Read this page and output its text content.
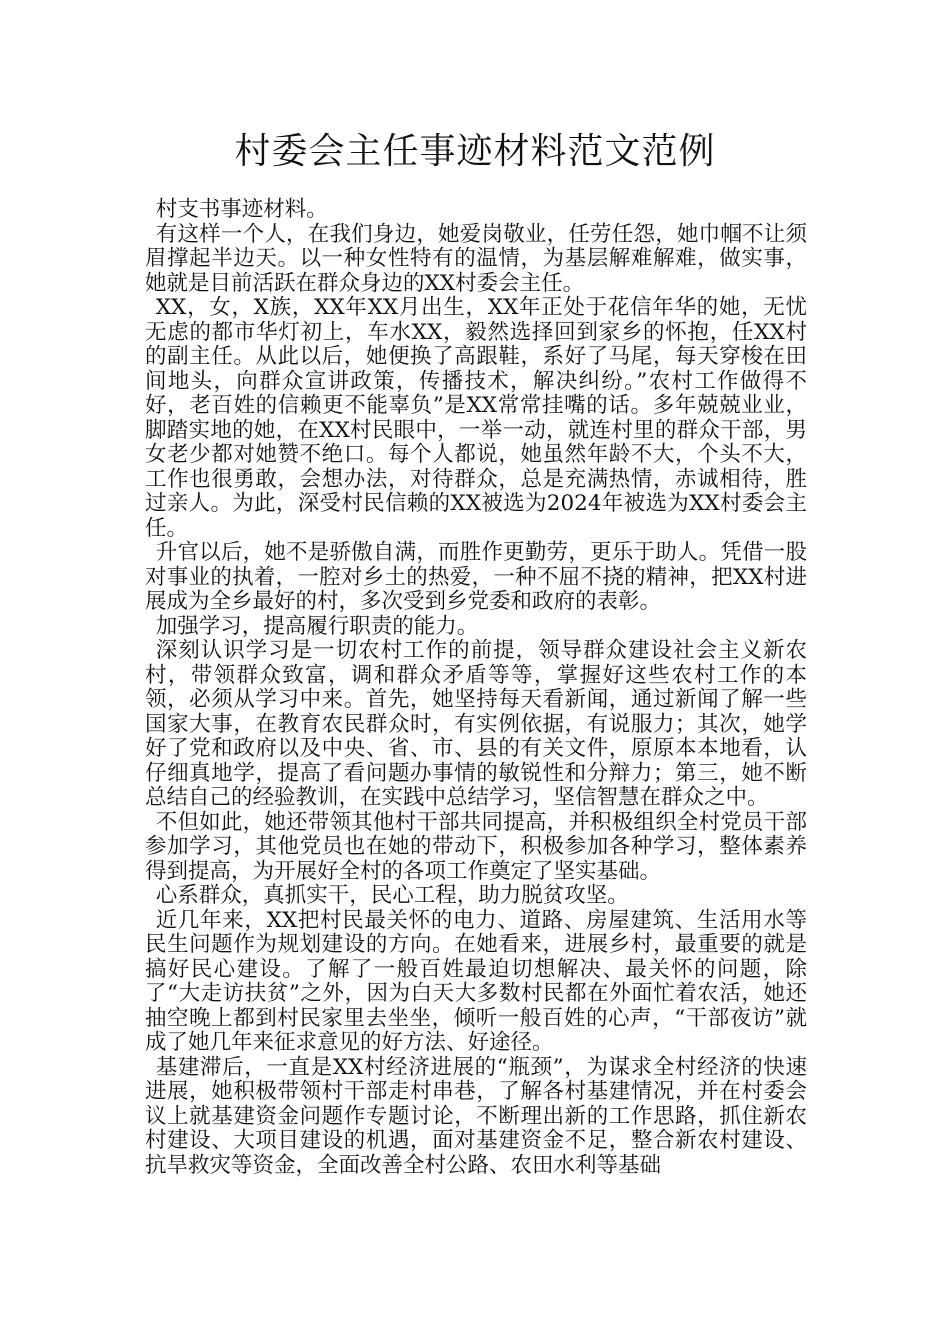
村委会主任事迹材料范文范例

村支书事迹材料。

有这样一个人，在我们身边，她爱岗敬业，任劳任怨，她巾帼不让须眉撑起半边天。以一种女性特有的温情，为基层解难解难，做实事，她就是目前活跃在群众身边的XX村委会主任。

XX，女，X族，XX年XX月出生，XX年正处于花信年华的她，无忧无虑的都市华灯初上，车水XX，毅然选择回到家乡的怀抱，任XX村的副主任。从此以后，她便换了高跟鞋，系好了马尾，每天穿梭在田间地头，向群众宣讲政策，传播技术，解决纠纷。”农村工作做得不好，老百姓的信赖更不能辜负”是XX常常挂嘴的话。多年兢兢业业，脚踏实地的她，在XX村民眼中，一举一动，就连村里的群众干部，男女老少都对她赞不绝口。每个人都说，她虽然年龄不大，个头不大，工作也很勇敢，会想办法，对待群众，总是充满热情，赤诚相待，胜过亲人。为此，深受村民信赖的XX被选为2024年被选为XX村委会主任。

升官以后，她不是骄傲自满，而胜作更勤劳，更乐于助人。凭借一股对事业的执着，一腔对乡土的热爱，一种不屈不挠的精神，把XX村进展成为全乡最好的村，多次受到乡党委和政府的表彰。

加强学习，提高履行职责的能力。

深刻认识学习是一切农村工作的前提，领导群众建设社会主义新农村，带领群众致富，调和群众矛盾等等，掌握好这些农村工作的本领，必须从学习中来。首先，她坚持每天看新闻，通过新闻了解一些国家大事，在教育农民群众时，有实例依据，有说服力；其次，她学好了党和政府以及中央、省、市、县的有关文件，原原本本地看，认仔细真地学，提高了看问题办事情的敏锐性和分辩力；第三，她不断总结自己的经验教训，在实践中总结学习，坚信智慧在群众之中。

不但如此，她还带领其他村干部共同提高，并积极组织全村党员干部参加学习，其他党员也在她的带动下，积极参加各种学习，整体素养得到提高，为开展好全村的各项工作奠定了坚实基础。

心系群众，真抓实干，民心工程，助力脱贫攻坚。

近几年来，XX把村民最关怀的电力、道路、房屋建筑、生活用水等民生问题作为规划建设的方向。在她看来，进展乡村，最重要的就是搞好民心建设。了解了一般百姓最迫切想解决、最关怀的问题，除了“大走访扶贫”之外，因为白天大多数村民都在外面忙着农活，她还抽空晚上都到村民家里去坐坐，倾听一般百姓的心声，“干部夜访”就成了她几年来征求意见的好方法、好途径。

基建滞后，一直是XX村经济进展的“瓶颈”，为谋求全村经济的快速进展，她积极带领村干部走村串巷，了解各村基建情况，并在村委会议上就基建资金问题作专题讨论，不断理出新的工作思路，抓住新农村建设、大项目建设的机遇，面对基建资金不足，整合新农村建设、抗旱救灾等资金，全面改善全村公路、农田水利等基础
